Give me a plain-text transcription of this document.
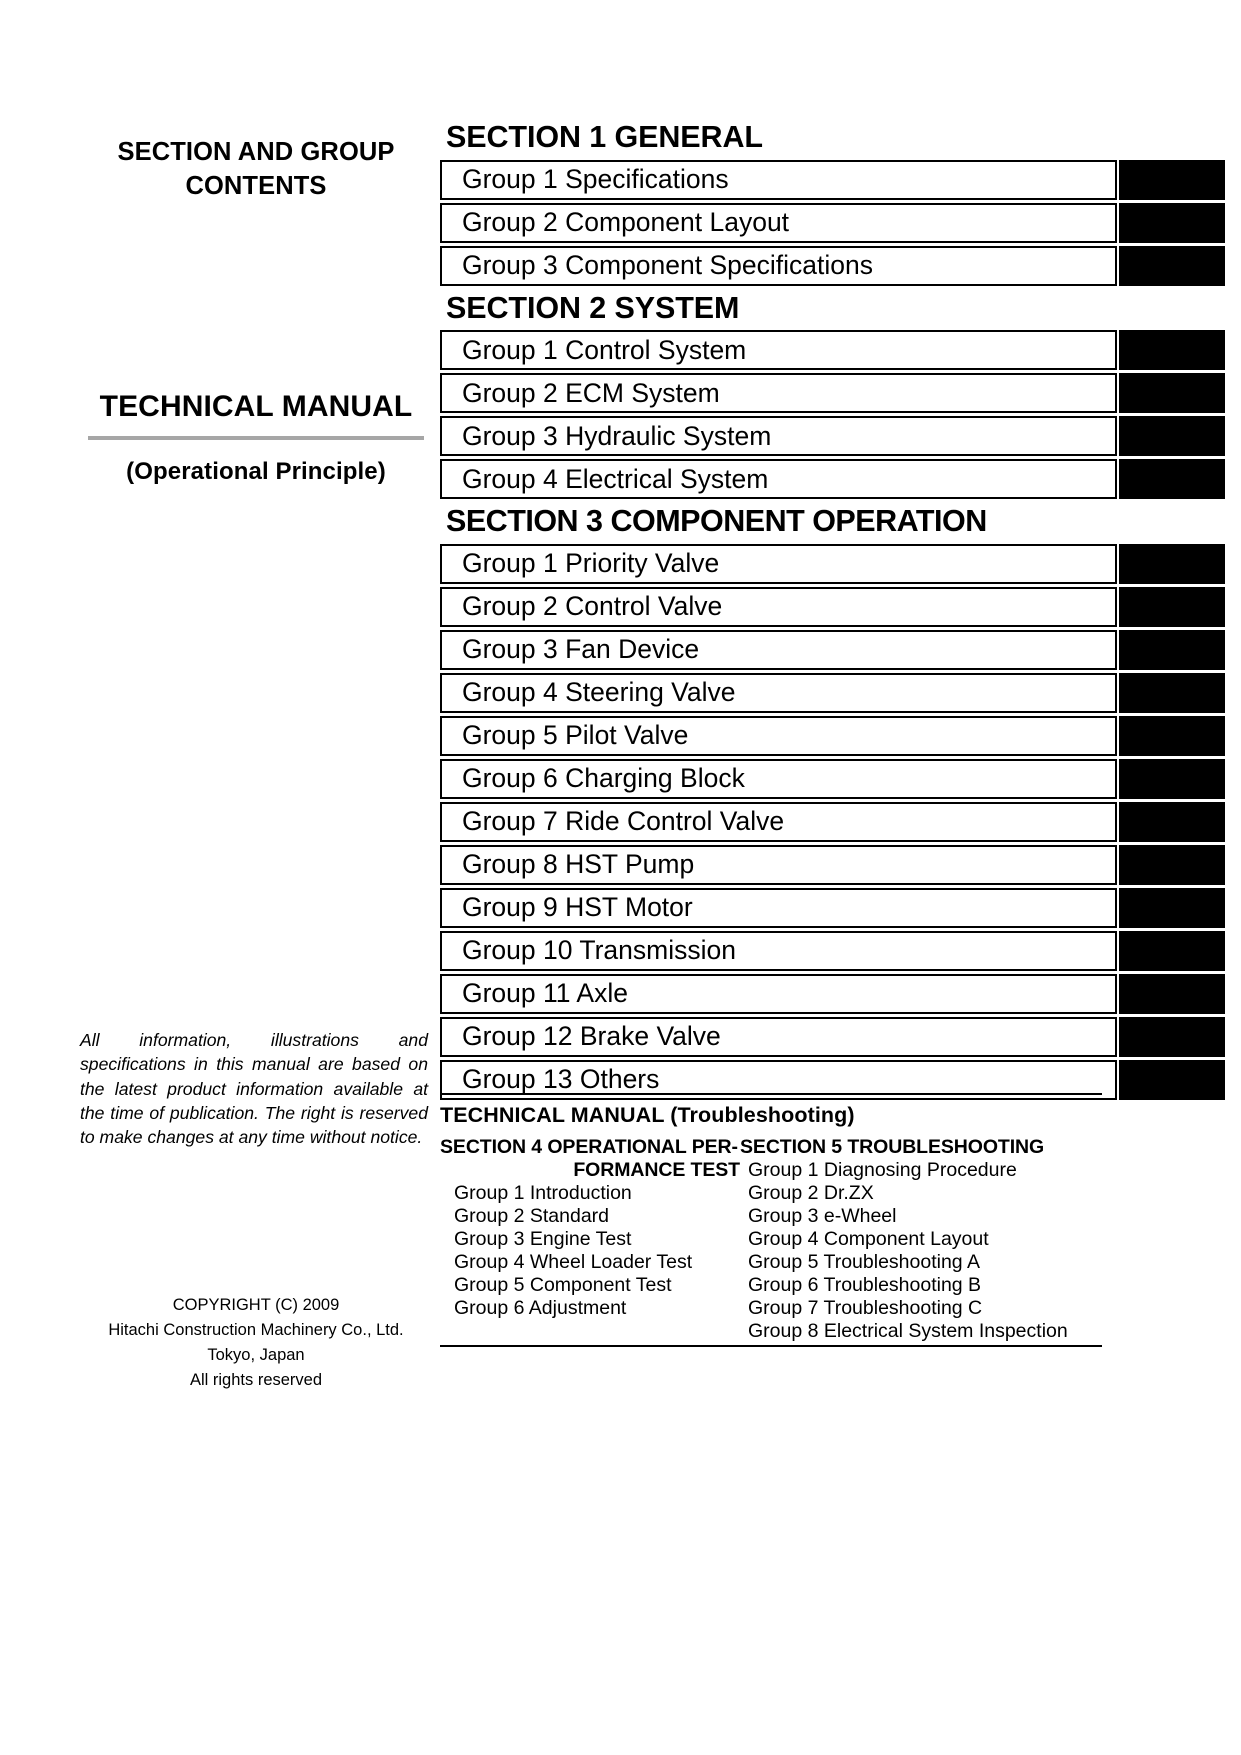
SECTION AND GROUP
CONTENTS
TECHNICAL MANUAL
(Operational Principle)
All information, illustrations and specifications in this manual are based on the latest product information available at the time of publication. The right is reserved to make changes at any time without notice.
COPYRIGHT (C) 2009
Hitachi Construction Machinery Co., Ltd.
Tokyo, Japan
All rights reserved
SECTION 1 GENERAL
Group 1 Specifications
Group 2 Component Layout
Group 3 Component Specifications
SECTION 2 SYSTEM
Group 1 Control System
Group 2 ECM System
Group 3 Hydraulic System
Group 4 Electrical System
SECTION 3 COMPONENT OPERATION
Group 1 Priority Valve
Group 2 Control Valve
Group 3 Fan Device
Group 4 Steering Valve
Group 5 Pilot Valve
Group 6 Charging Block
Group 7 Ride Control Valve
Group 8 HST Pump
Group 9 HST Motor
Group 10 Transmission
Group 11 Axle
Group 12 Brake Valve
Group 13 Others
TECHNICAL MANUAL (Troubleshooting)
SECTION 4 OPERATIONAL PER-
FORMANCE TEST
Group 1 Introduction
Group 2 Standard
Group 3 Engine Test
Group 4 Wheel Loader Test
Group 5 Component Test
Group 6 Adjustment
SECTION 5 TROUBLESHOOTING
Group 1 Diagnosing Procedure
Group 2 Dr.ZX
Group 3 e-Wheel
Group 4 Component Layout
Group 5 Troubleshooting A
Group 6 Troubleshooting B
Group 7 Troubleshooting C
Group 8 Electrical System Inspection
